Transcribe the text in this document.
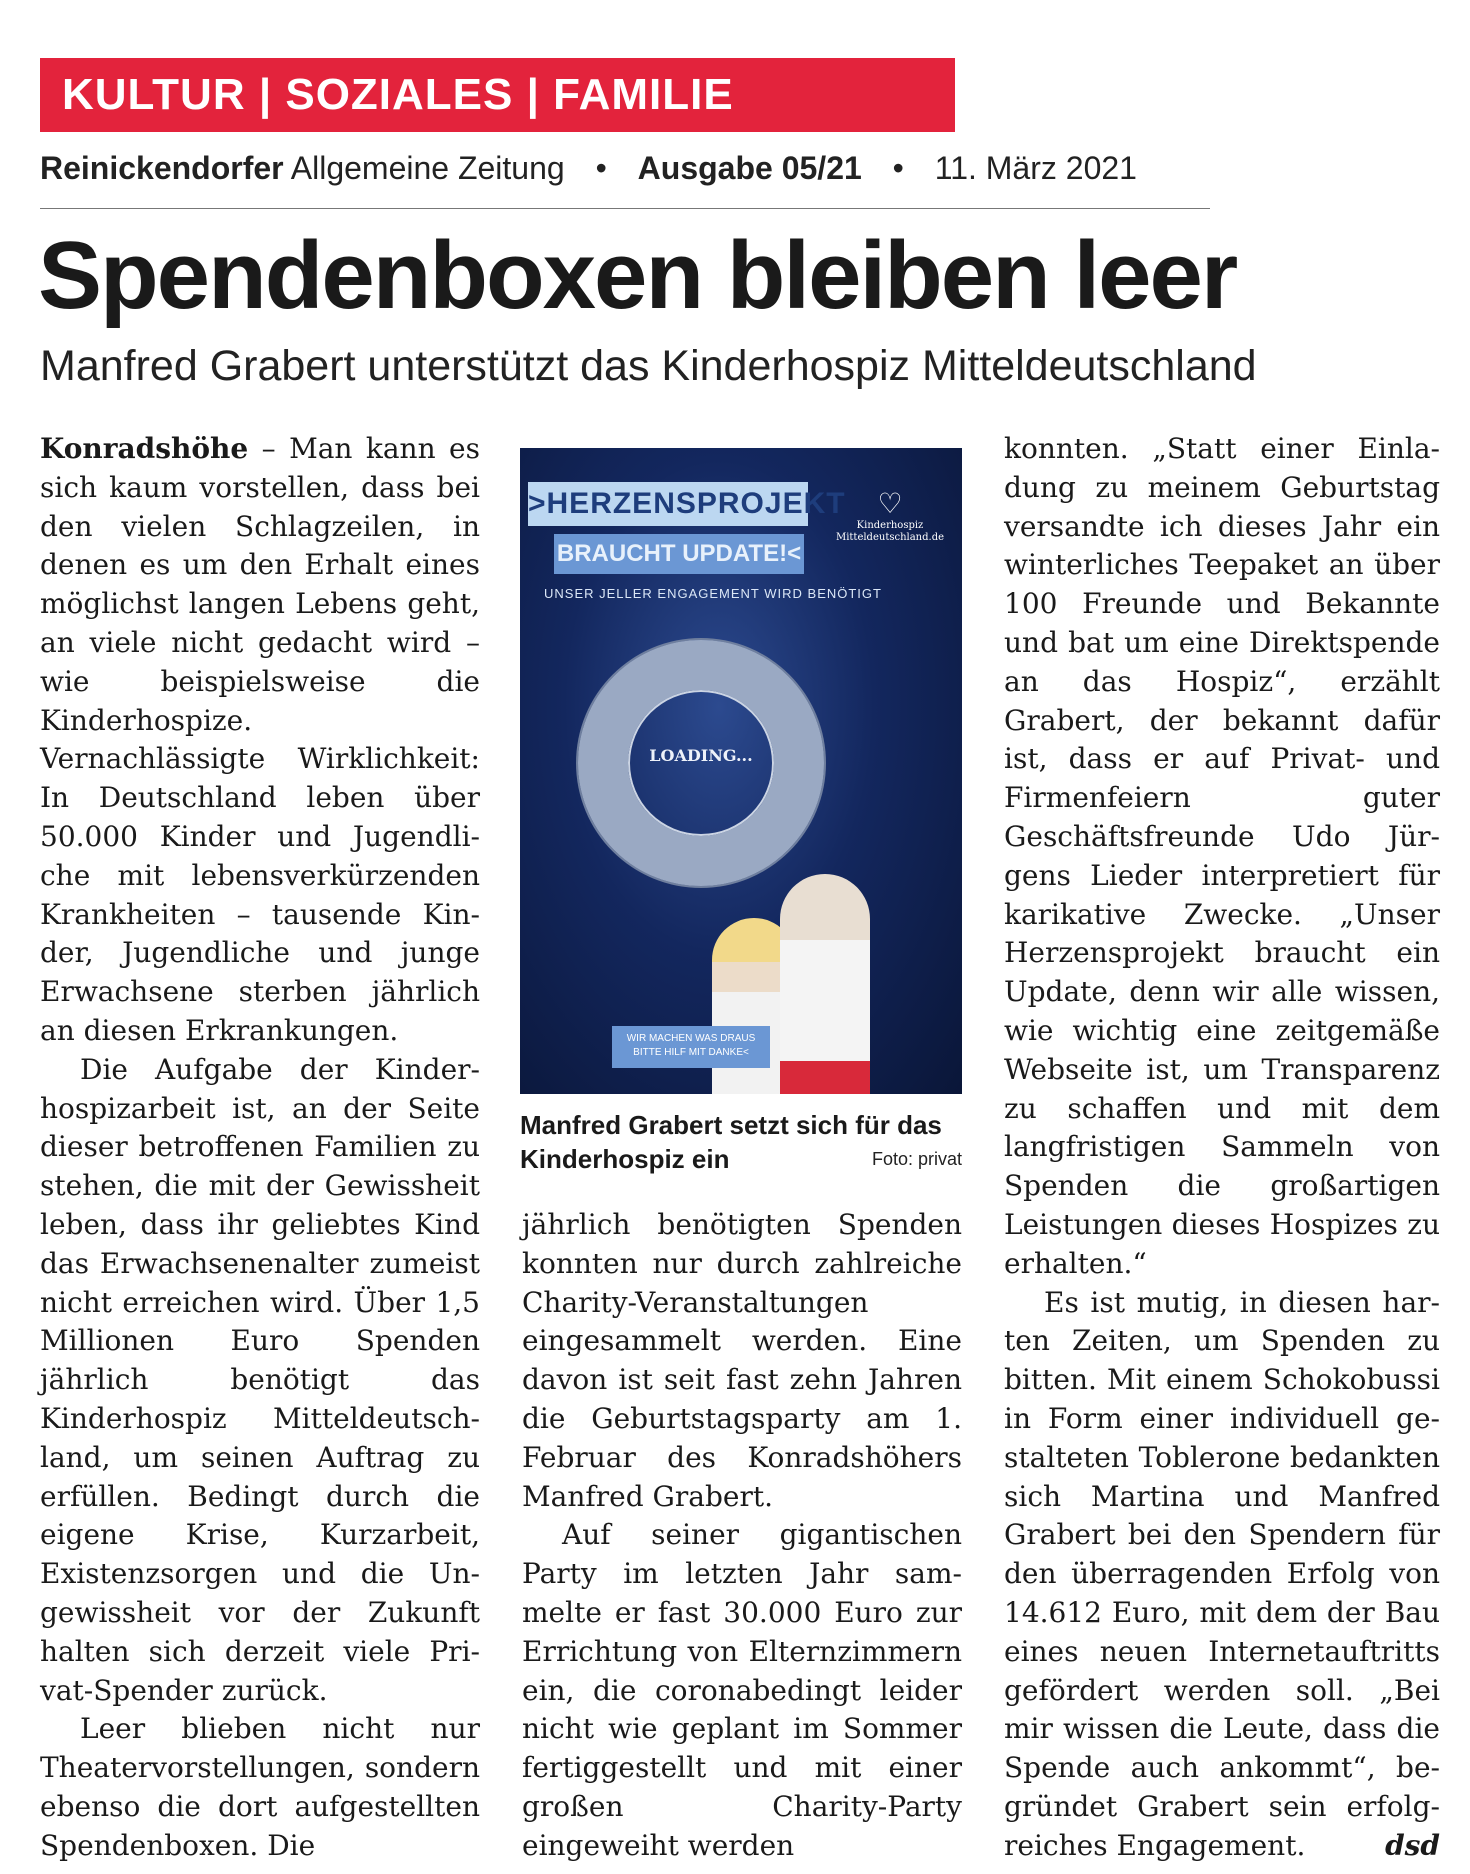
KULTUR | SOZIALES | FAMILIE
Reinickendorfer Allgemeine Zeitung • Ausgabe 05/21 • 11. März 2021
Spendenboxen bleiben leer
Manfred Grabert unterstützt das Kinderhospiz Mitteldeutschland

Konradshöhe – Man kann es sich kaum vorstellen, dass bei den vielen Schlagzeilen, in denen es um den Erhalt eines möglichst langen Lebens geht, an viele nicht gedacht wird – wie beispielsweise die Kinderhospize. Vernachlässigte Wirklichkeit: In Deutschland leben über 50.000 Kinder und Jugendliche mit lebensverkürzenden Krankheiten – tausende Kinder, Jugendliche und junge Erwachsene sterben jährlich an diesen Erkrankungen.

Die Aufgabe der Kinderhospizarbeit ist, an der Seite dieser betroffenen Familien zu stehen, die mit der Gewissheit leben, dass ihr geliebtes Kind das Erwachsenenalter zumeist nicht erreichen wird. Über 1,5 Millionen Euro Spenden jährlich benötigt das Kinderhospiz Mitteldeutschland, um seinen Auftrag zu erfüllen. Bedingt durch die eigene Krise, Kurzarbeit, Existenzsorgen und die Ungewissheit vor der Zukunft halten sich derzeit viele Privat-Spender zurück.

Leer blieben nicht nur Theatervorstellungen, sondern ebenso die dort aufgestellten Spendenboxen. Die

>HERZENSPROJEKT
BRAUCHT UPDATE!<
UNSER JELLER ENGAGEMENT WIRD BENÖTIGT
♡
Kinderhospiz Mitteldeutschland.de
LOADING...
WIR MACHEN WAS DRAUS BITTE HILF MIT DANKE<
Manfred Grabert setzt sich für das Kinderhospiz ein	Foto: privat

jährlich benötigten Spenden konnten nur durch zahlreiche Charity-Veranstaltungen eingesammelt werden. Eine davon ist seit fast zehn Jahren die Geburtstagsparty am 1. Februar des Konradshöhers Manfred Grabert.

Auf seiner gigantischen Party im letzten Jahr sammelte er fast 30.000 Euro zur Errichtung von Elternzimmern ein, die coronabedingt leider nicht wie geplant im Sommer fertiggestellt und mit einer großen Charity-Party eingeweiht werden

konnten. „Statt einer Einladung zu meinem Geburtstag versandte ich dieses Jahr ein winterliches Teepaket an über 100 Freunde und Bekannte und bat um eine Direktspende an das Hospiz“, erzählt Grabert, der bekannt dafür ist, dass er auf Privat- und Firmenfeiern guter Geschäftsfreunde Udo Jürgens Lieder interpretiert für karikative Zwecke. „Unser Herzensprojekt braucht ein Update, denn wir alle wissen, wie wichtig eine zeitgemäße Webseite ist, um Transparenz zu schaffen und mit dem langfristigen Sammeln von Spenden die großartigen Leistungen dieses Hospizes zu erhalten.“

Es ist mutig, in diesen harten Zeiten, um Spenden zu bitten. Mit einem Schokobussi in Form einer individuell gestalteten Toblerone bedankten sich Martina und Manfred Grabert bei den Spendern für den überragenden Erfolg von 14.612 Euro, mit dem der Bau eines neuen Internetauftritts gefördert werden soll. „Bei mir wissen die Leute, dass die Spende auch ankommt“, begründet Grabert sein erfolgreiches Engagement.	dsd
